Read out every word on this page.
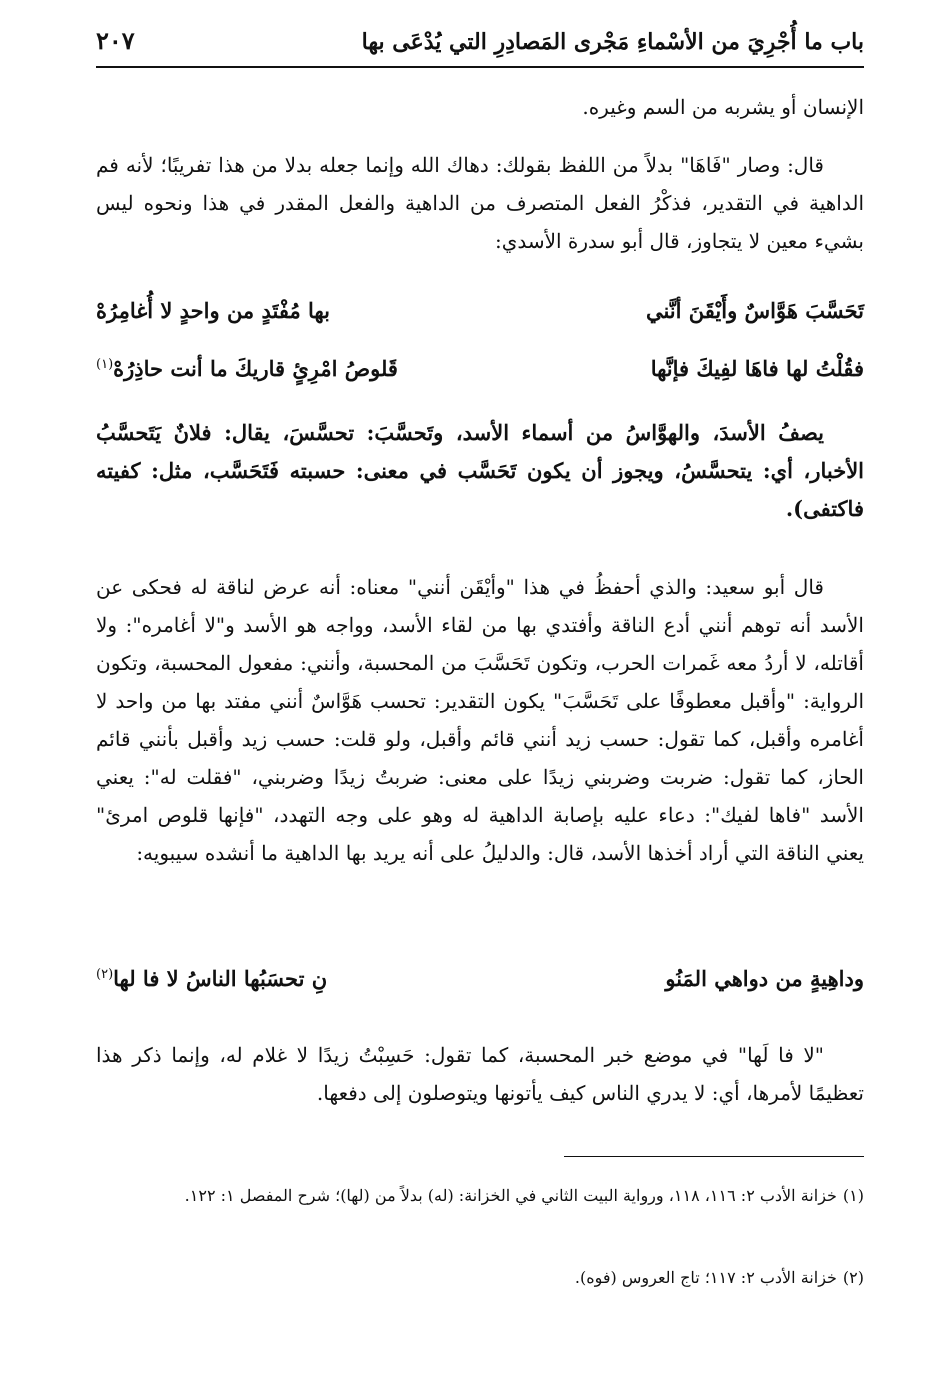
باب ما أُجْرِيَ من الأسْماءِ مَجْرى المَصادِرِ التي يُدْعَى بها
٢٠٧

الإنسان أو يشربه من السم وغيره.

قال: وصار "فَاهَا" بدلاً من اللفظ بقولك: دهاك الله وإنما جعله بدلا من هذا تفريبًا؛ لأنه فم الداهية في التقدير، فذكْرُ الفعل المتصرف من الداهية والفعل المقدر في هذا ونحوه ليس بشيء معين لا يتجاوز، قال أبو سدرة الأسدي:

تَحَسَّبَ هَوَّاسٌ وأَيْقَنَ أنَّني
بها مُفْتَدٍ من واحدٍ لا أُغامِرُهْ
فقُلْتُ لها فاهَا لفِيكَ فإنَّها
قَلوصُ امْرِئٍ قاريكَ ما أنت حاذِرُهْ$^{(١)}$

يصفُ الأسدَ، والهوَّاسُ من أسماء الأسد، وتَحسَّبَ: تحسَّسَ، يقال: فلانٌ يَتَحسَّبُ الأخبار، أي: يتحسَّسُ، ويجوز أن يكون تَحَسَّب في معنى: حسبته فَتَحَسَّب، مثل: كفيته فاكتفى).

قال أبو سعيد: والذي أحفظُ في هذا "وأيْقَن أنني" معناه: أنه عرض لناقة له فحكى عن الأسد أنه توهم أنني أدع الناقة وأفتدي بها من لقاء الأسد، وواجه هو الأسد و"لا أغامره": ولا أقاتله، لا أردُ معه غَمرات الحرب، وتكون تَحَسَّبَ من المحسبة، وأنني: مفعول المحسبة، وتكون الرواية: "وأقبل معطوفًا على تَحَسَّبَ" يكون التقدير: تحسب هَوَّاسٌ أنني مفتد بها من واحد لا أغامره وأقبل، كما تقول: حسب زيد أنني قائم وأقبل، ولو قلت: حسب زيد وأقبل بأنني قائم الحاز، كما تقول: ضربت وضربني زيدًا على معنى: ضربتُ زيدًا وضربني، "فقلت له": يعني الأسد "فاها لفيك": دعاء عليه بإصابة الداهية له وهو على وجه التهدد، "فإنها قلوص امرئ" يعني الناقة التي أراد أخذها الأسد، قال: والدليلُ على أنه يريد بها الداهية ما أنشده سيبويه:

وداهِيةٍ من دواهي المَنُو
نِ تحسَبُها الناسُ لا فا لها$^{(٢)}$

"لا فا لَها" في موضع خبر المحسبة، كما تقول: حَسِبْتُ زيدًا لا غلام له، وإنما ذكر هذا تعظيمًا لأمرها، أي: لا يدري الناس كيف يأتونها ويتوصلون إلى دفعها.

(١)خزانة الأدب ٢: ١١٦، ١١٨، ورواية البيت الثاني في الخزانة: (له) بدلاً من (لها)؛ شرح المفصل ١: ١٢٢.

(٢)خزانة الأدب ٢: ١١٧؛ تاج العروس (فوه).
